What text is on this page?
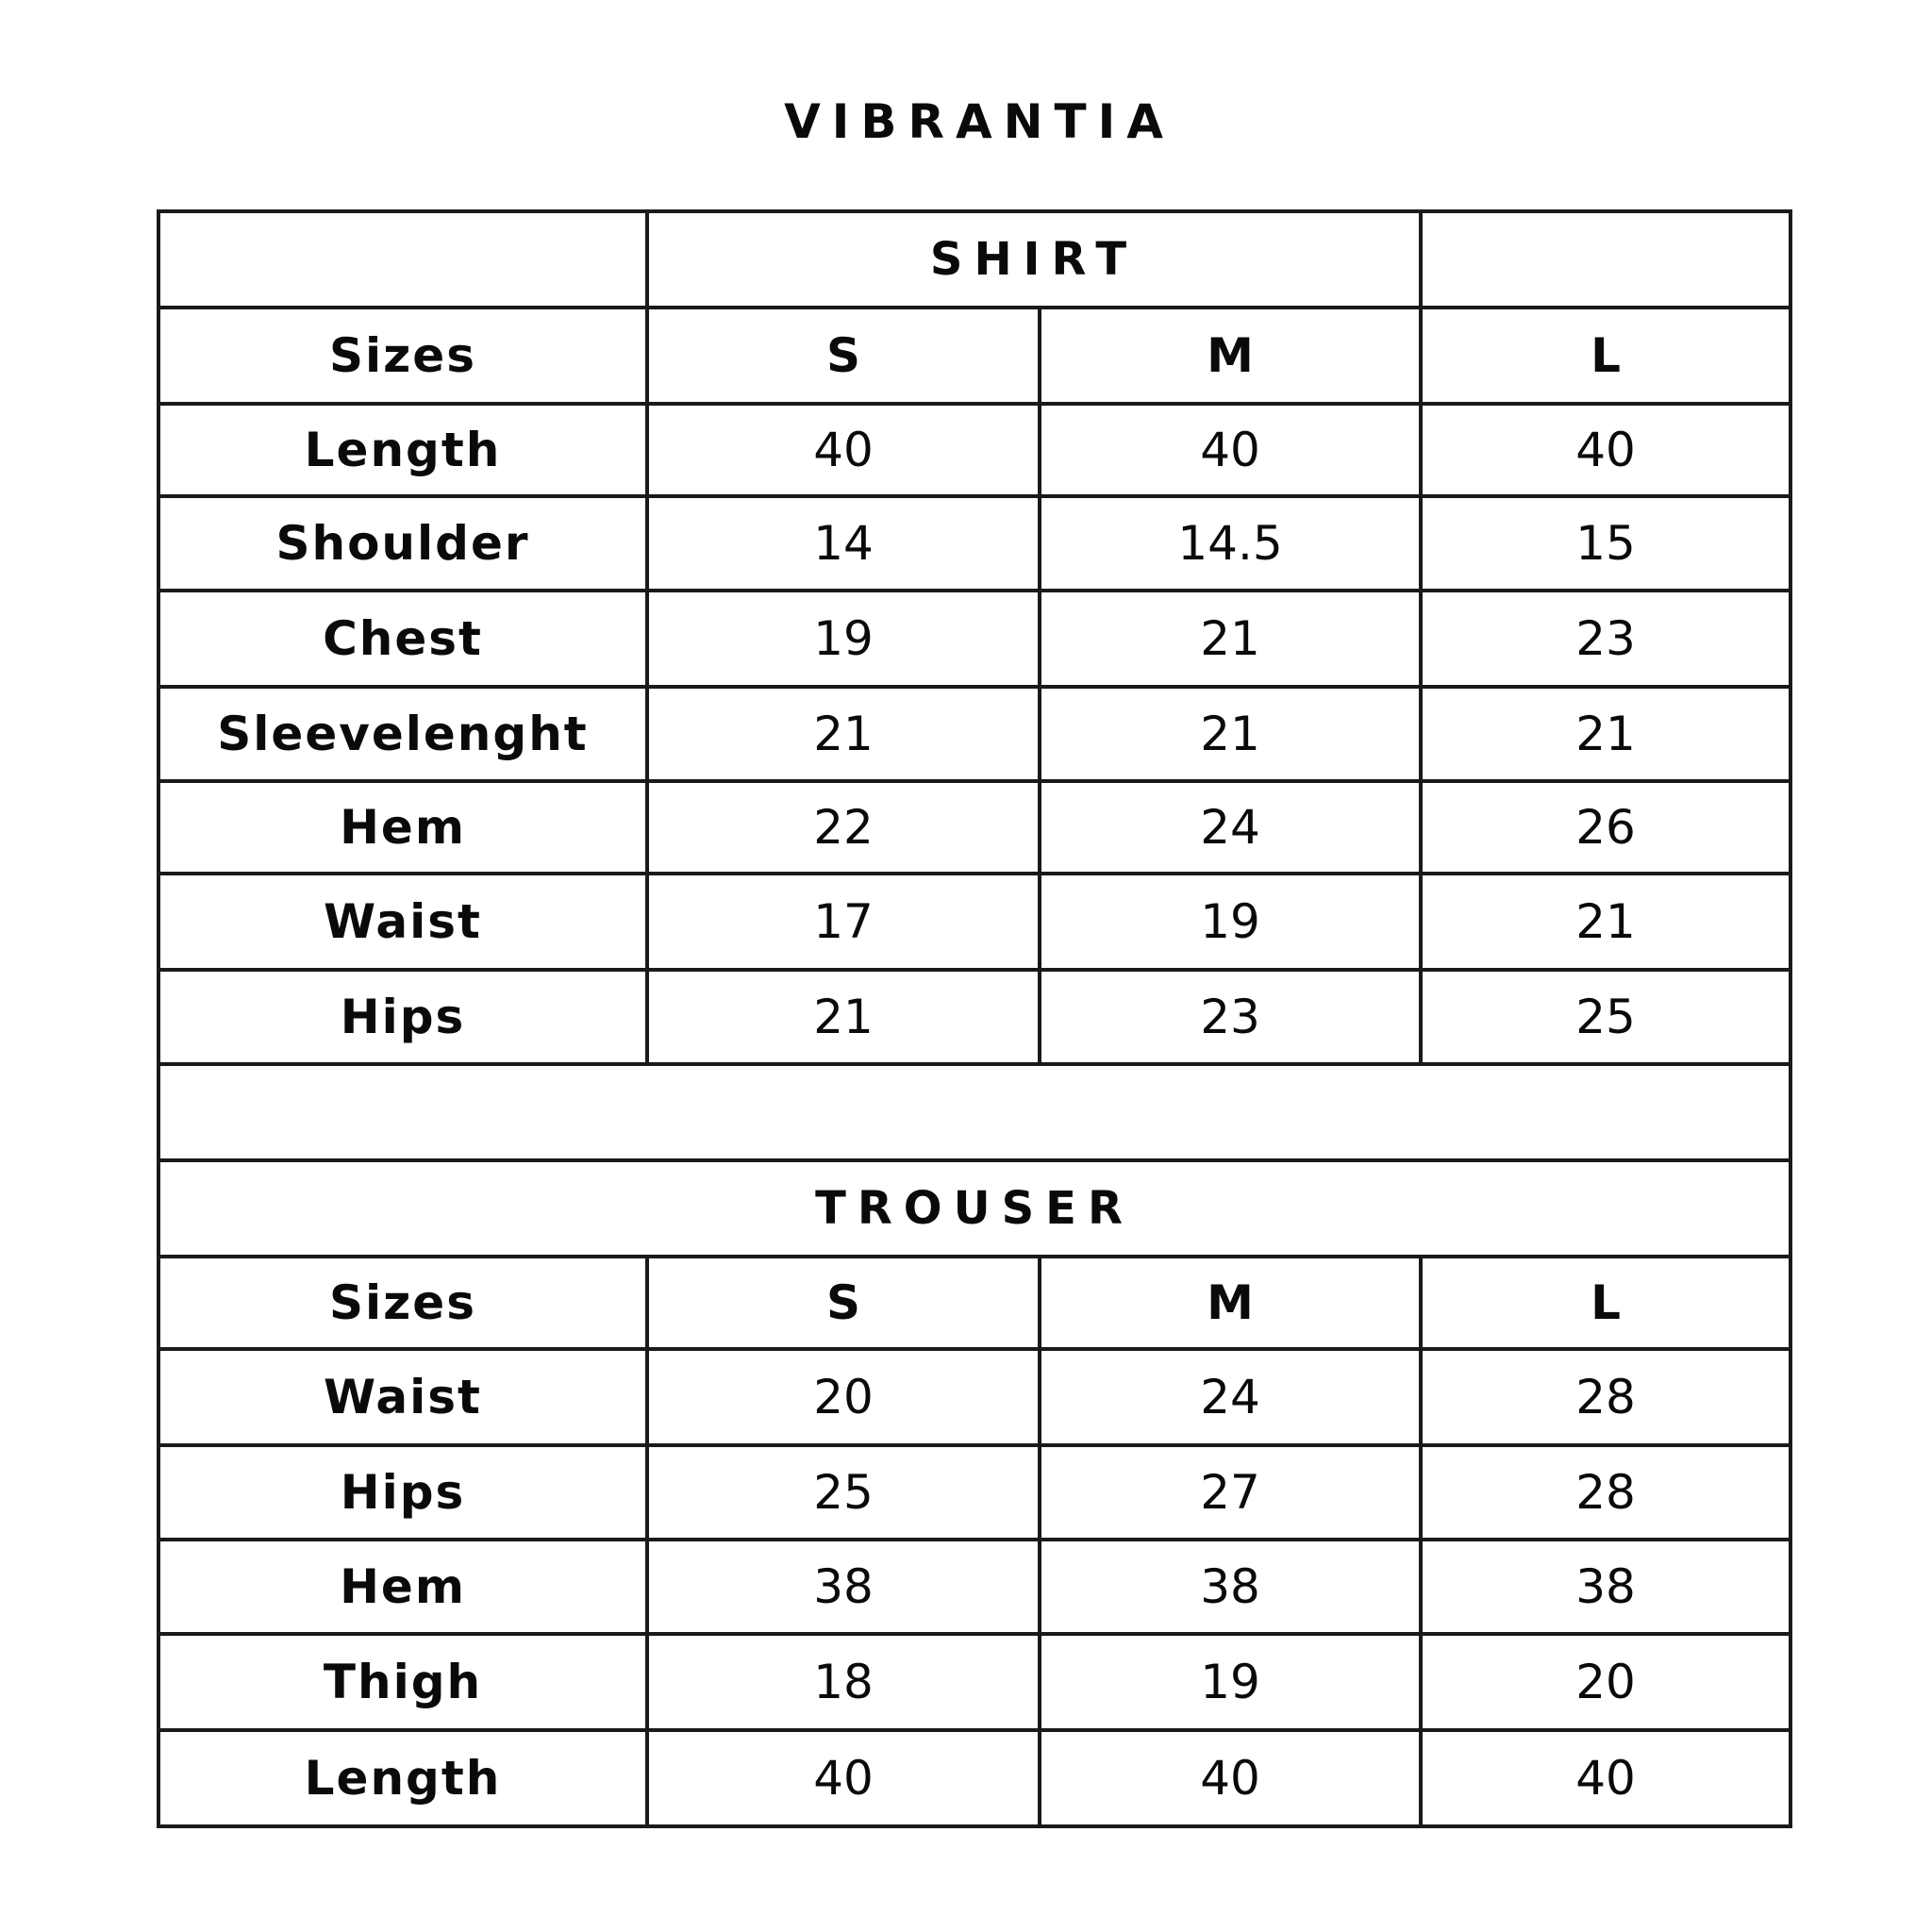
VIBRANTIA
	SHIRT		
Sizes	S	M	L
Length	40	40	40
Shoulder	14	14.5	15
Chest	19	21	23
Sleevelenght	21	21	21
Hem	22	24	26
Waist	17	19	21
Hips	21	23	25

TROUSER			
Sizes	S	M	L
Waist	20	24	28
Hips	25	27	28
Hem	38	38	38
Thigh	18	19	20
Length	40	40	40
